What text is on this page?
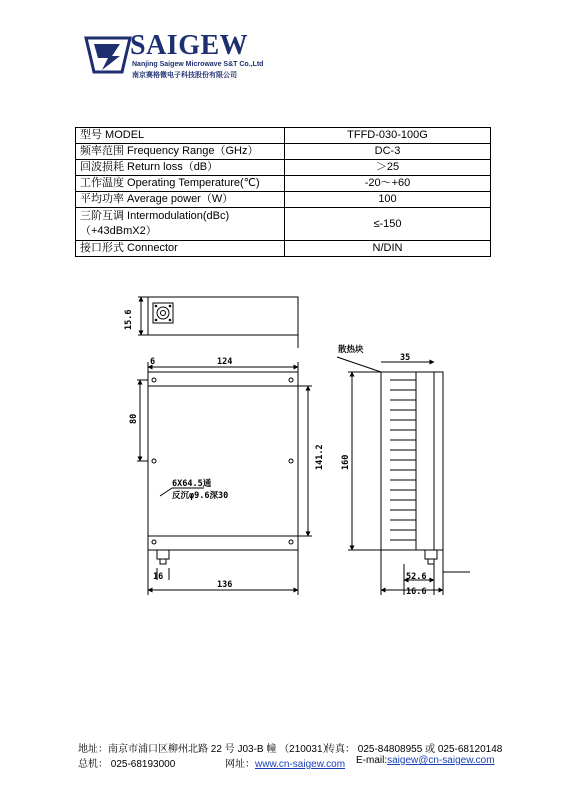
SAIGEW
Nanjing Saigew Microwave S&T Co.,Ltd
南京赛格微电子科技股份有限公司
型号 MODEL	TFFD-030-100G
频率范围 Frequency Range（GHz）	DC-3
回波损耗 Return loss（dB）	＞25
工作温度 Operating Temperature(℃)	-20～+60
平均功率 Average power（W）	100

三阶互调 Intermodulation(dBc)
（+43dBmX2）	≤-150
接口形式 Connector	N/DIN
15.6
124
6
80
141.2
136
16
35
160
52.6
16.6
散热块
6X64.5通
反沉φ9.6深30
地址：南京市浦口区柳州北路 22 号 J03-B 幢 （210031）
传真： 025-84808955 或 025-68120148
总机： 025-68193000	网址：www.cn-saigew.com E-mail:saigew@cn-saigew.com
